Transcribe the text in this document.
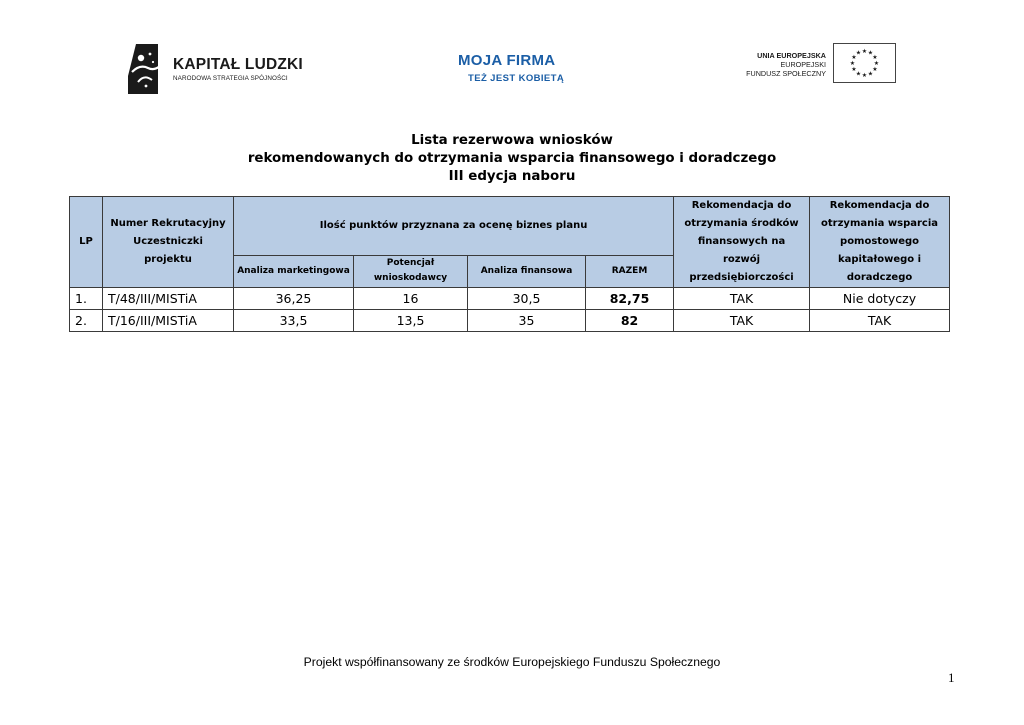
KAPITAŁ LUDZKI
NARODOWA STRATEGIA SPÓJNOŚCI
MOJA FIRMA
TEŻ JEST KOBIETĄ
UNIA EUROPEJSKA
EUROPEJSKI
FUNDUSZ SPOŁECZNY
★ ★
★
★
★
★
★
★
★
★
★
★
Lista rezerwowa wniosków
rekomendowanych do otrzymania wsparcia finansowego i doradczego
III edycja naboru
LP	Numer Rekrutacyjny Uczestniczki projektu	Ilość punktów przyznana za ocenę biznes planu				Rekomendacja do otrzymania środków finansowych na rozwój przedsiębiorczości	Rekomendacja do otrzymania wsparcia pomostowego kapitałowego i doradczego
		Analiza marketingowa	Potencjał wnioskodawcy	Analiza finansowa	RAZEM		
1.	T/48/III/MISTiA	36,25	16	30,5	82,75	TAK	Nie dotyczy
2.	T/16/III/MISTiA	33,5	13,5	35	82	TAK	TAK
Projekt współfinansowany ze środków Europejskiego Funduszu Społecznego
1
